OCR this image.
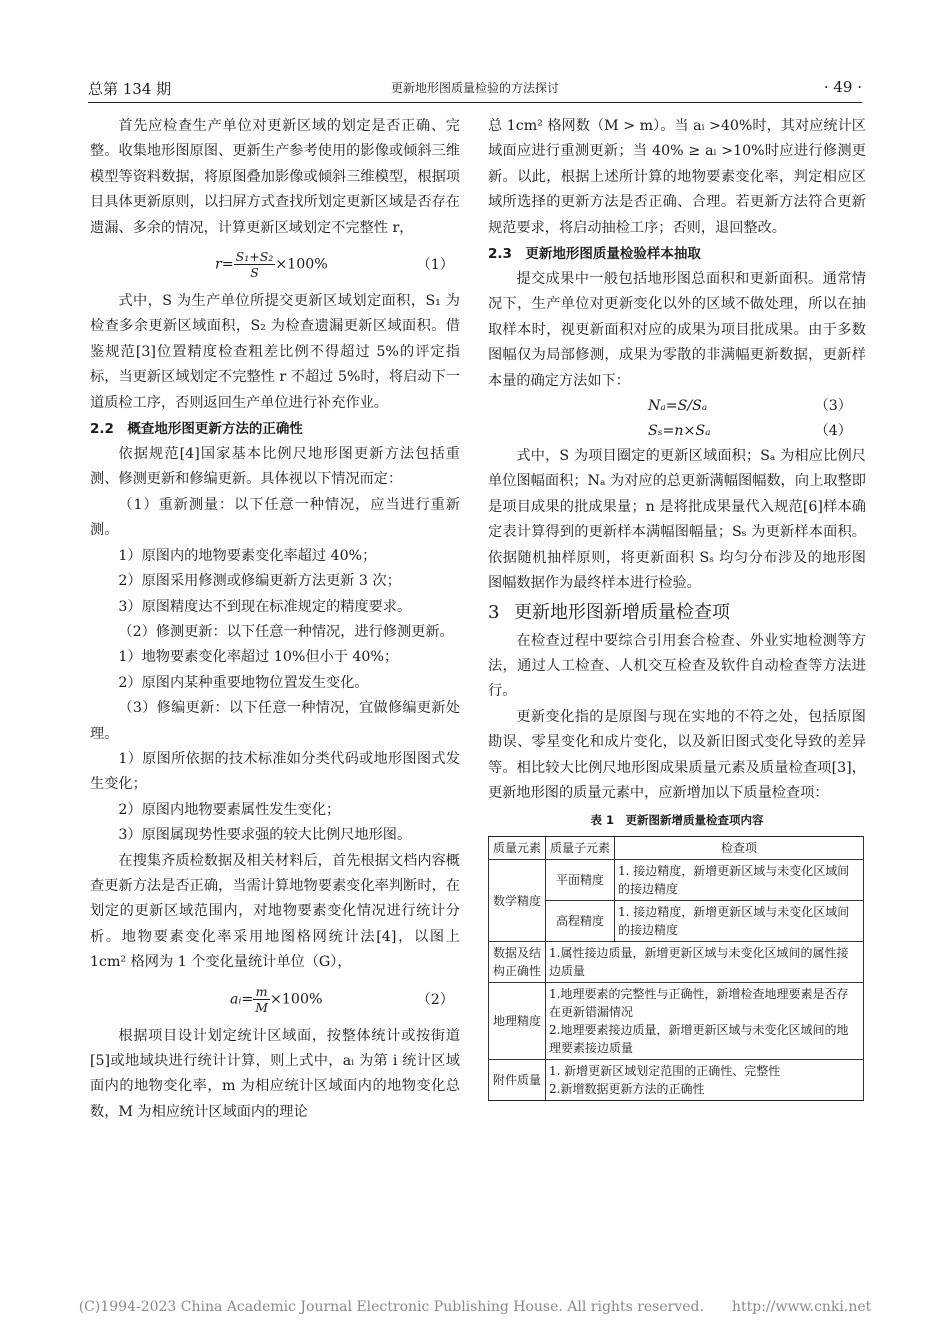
总第 134 期	更新地形图质量检验的方法探讨	· 49 ·

首先应检查生产单位对更新区域的划定是否正确、完整。收集地形图原图、更新生产参考使用的影像或倾斜三维模型等资料数据，将原图叠加影像或倾斜三维模型，根据项目具体更新原则，以扫屏方式查找所划定更新区域是否存在遗漏、多余的情况，计算更新区域划定不完整性 r，

$r= \frac{\text{S₁+S₂}}{S} \times 100\%$	（1）

式中，S 为生产单位所提交更新区域划定面积，S₁ 为检查多余更新区域面积，S₂ 为检查遗漏更新区域面积。借鉴规范[3]位置精度检查粗差比例不得超过 5%的评定指标，当更新区域划定不完整性 r 不超过 5%时，将启动下一道质检工序，否则返回生产单位进行补充作业。

2.2　概查地形图更新方法的正确性

依据规范[4]国家基本比例尺地形图更新方法包括重测、修测更新和修编更新。具体视以下情况而定：

（1）重新测量：以下任意一种情况，应当进行重新测。

1）原图内的地物要素变化率超过 40%；

2）原图采用修测或修编更新方法更新 3 次；

3）原图精度达不到现在标准规定的精度要求。

（2）修测更新：以下任意一种情况，进行修测更新。

1）地物要素变化率超过 10%但小于 40%；

2）原图内某种重要地物位置发生变化。

（3）修编更新：以下任意一种情况，宜做修编更新处理。

1）原图所依据的技术标准如分类代码或地形图图式发生变化；

2）原图内地物要素属性发生变化；

3）原图属现势性要求强的较大比例尺地形图。

在搜集齐质检数据及相关材料后，首先根据文档内容概查更新方法是否正确，当需计算地物要素变化率判断时，在划定的更新区域范围内，对地物要素变化情况进行统计分析。地物要素变化率采用地图格网统计法[4]，以图上 1cm² 格网为 1 个变化量统计单位（G），

aᵢ= $\frac{m}{M} \times 100\%$	（2）

根据项目设计划定统计区域面，按整体统计或按街道[5]或地域块进行统计计算，则上式中，aᵢ 为第 i 统计区域面内的地物变化率，m 为相应统计区域面内的地物变化总数，M 为相应统计区域面内的理论

总 1cm² 格网数（M > m）。当 aᵢ >40%时，其对应统计区域面应进行重测更新；当 40% ≥ aᵢ >10%时应进行修测更新。以此，根据上述所计算的地物要素变化率，判定相应区域所选择的更新方法是否正确、合理。若更新方法符合更新规范要求，将启动抽检工序；否则，退回整改。

2.3　更新地形图质量检验样本抽取

提交成果中一般包括地形图总面积和更新面积。通常情况下，生产单位对更新变化以外的区域不做处理，所以在抽取样本时，视更新面积对应的成果为项目批成果。由于多数图幅仅为局部修测，成果为零散的非满幅更新数据，更新样本量的确定方法如下：

Nₐ=S/Sₐ	（3）
Sₛ=n×Sₐ	（4）

式中，S 为项目圈定的更新区域面积；Sₐ 为相应比例尺单位图幅面积；Nₐ 为对应的总更新满幅图幅数，向上取整即是项目成果的批成果量；n 是将批成果量代入规范[6]样本确定表计算得到的更新样本满幅图幅量；Sₛ 为更新样本面积。依据随机抽样原则，将更新面积 Sₛ 均匀分布涉及的地形图图幅数据作为最终样本进行检验。

3 更新地形图新增质量检查项

在检查过程中要综合引用套合检查、外业实地检测等方法，通过人工检查、人机交互检查及软件自动检查等方法进行。

更新变化指的是原图与现在实地的不符之处，包括原图勘误、零星变化和成片变化，以及新旧图式变化导致的差异等。相比较大比例尺地形图成果质量元素及质量检查项[3]，更新地形图的质量元素中，应新增加以下质量检查项：

表 1　更新图新增质量检查项内容
质量元素	质量子元素	检查项
数学精度	平面精度	1. 接边精度，新增更新区域与未变化区域间的接边精度
	高程精度	1. 接边精度，新增更新区域与未变化区域间的接边精度
数据及结构正确性	1.属性接边质量，新增更新区域与未变化区域间的属性接边质量	
地理精度	1.地理要素的完整性与正确性，新增检查地理要素是否存在更新错漏情况
2.地理要素接边质量，新增更新区域与未变化区域间的地理要素接边质量	

附件质量	1. 新增更新区域划定范围的正确性、完整性
2.新增数据更新方法的正确性	
(C)1994-2023 China Academic Journal Electronic Publishing House. All rights reserved.　　http://www.cnki.net
